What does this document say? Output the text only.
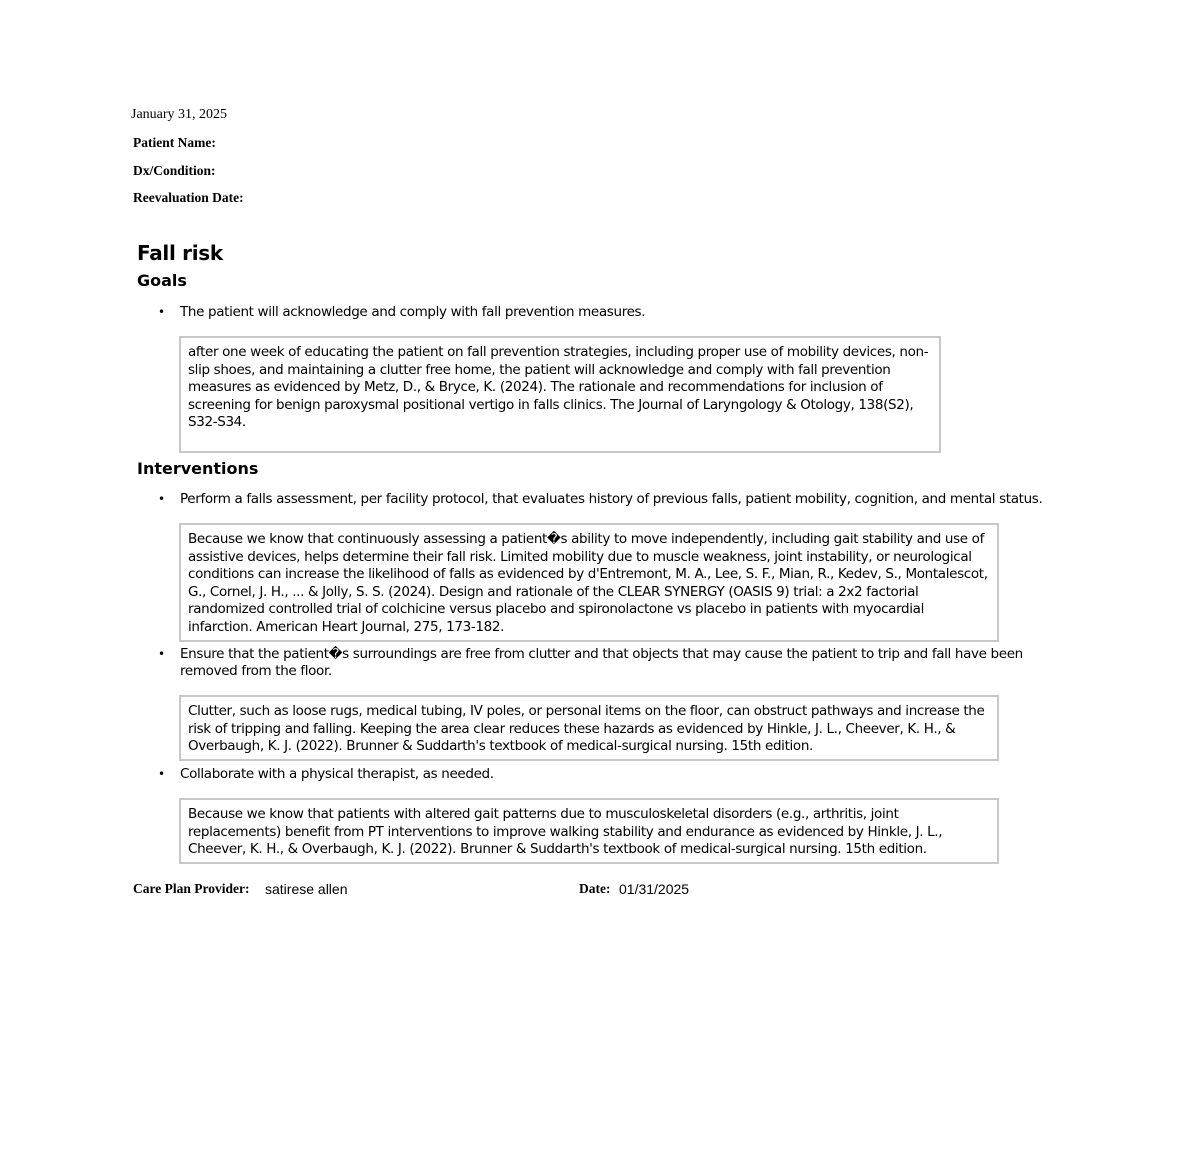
January 31, 2025
Patient Name:
Dx/Condition:
Reevaluation Date:
Fall risk
Goals
• The patient will acknowledge and comply with fall prevention measures.
after one week of educating the patient on fall prevention strategies, including proper use of mobility devices, non-slip shoes, and maintaining a clutter free home, the patient will acknowledge and comply with fall prevention measures as evidenced by Metz, D., & Bryce, K. (2024). The rationale and recommendations for inclusion of screening for benign paroxysmal positional vertigo in falls clinics. The Journal of Laryngology & Otology, 138(S2), S32-S34.
Interventions
• Perform a falls assessment, per facility protocol, that evaluates history of previous falls, patient mobility, cognition, and mental status.
Because we know that continuously assessing a patient�s ability to move independently, including gait stability and use of assistive devices, helps determine their fall risk. Limited mobility due to muscle weakness, joint instability, or neurological conditions can increase the likelihood of falls as evidenced by d'Entremont, M. A., Lee, S. F., Mian, R., Kedev, S., Montalescot, G., Cornel, J. H., ... & Jolly, S. S. (2024). Design and rationale of the CLEAR SYNERGY (OASIS 9) trial: a 2x2 factorial randomized controlled trial of colchicine versus placebo and spironolactone vs placebo in patients with myocardial infarction. American Heart Journal, 275, 173-182.
• Ensure that the patient�s surroundings are free from clutter and that objects that may cause the patient to trip and fall have been removed from the floor.
Clutter, such as loose rugs, medical tubing, IV poles, or personal items on the floor, can obstruct pathways and increase the risk of tripping and falling. Keeping the area clear reduces these hazards as evidenced by Hinkle, J. L., Cheever, K. H., & Overbaugh, K. J. (2022). Brunner & Suddarth's textbook of medical-surgical nursing. 15th edition.
• Collaborate with a physical therapist, as needed.
Because we know that patients with altered gait patterns due to musculoskeletal disorders (e.g., arthritis, joint replacements) benefit from PT interventions to improve walking stability and endurance as evidenced by Hinkle, J. L., Cheever, K. H., & Overbaugh, K. J. (2022). Brunner & Suddarth's textbook of medical-surgical nursing. 15th edition.
Care Plan Provider: satirese allen	Date: 01/31/2025
